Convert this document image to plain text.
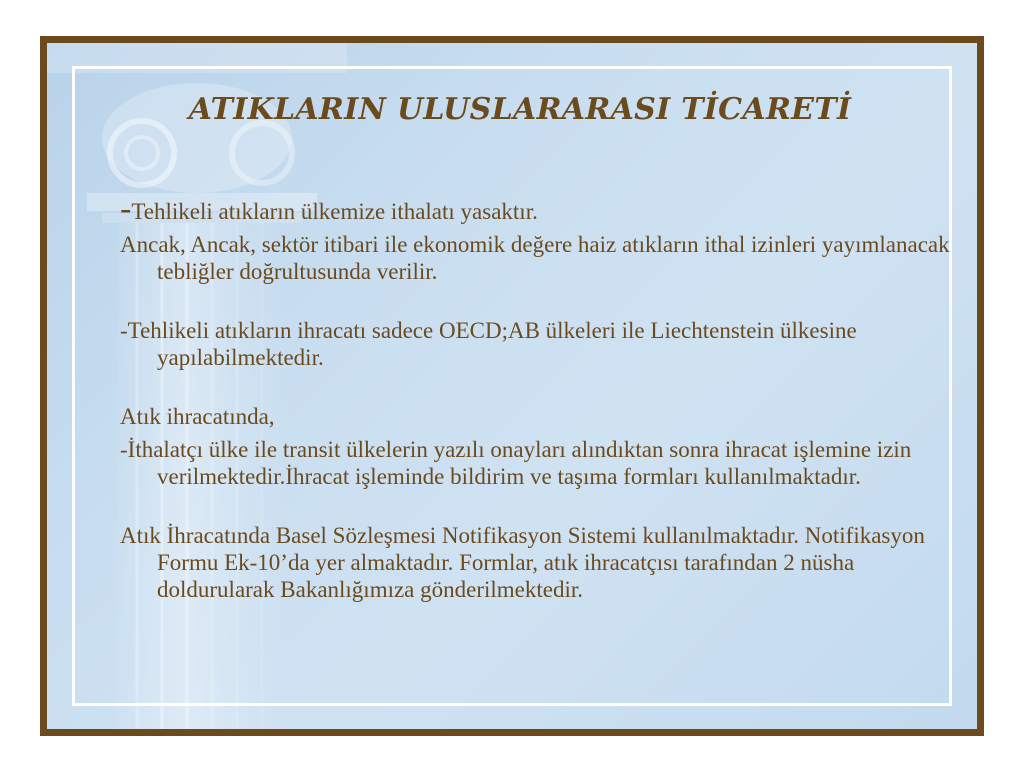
ATIKLARIN ULUSLARARASI TİCARETİ

-Tehlikeli atıkların ülkemize ithalatı yasaktır.

Ancak, Ancak, sektör itibari ile ekonomik değere haiz atıkların ithal izinleri yayımlanacak tebliğler doğrultusunda verilir.

-Tehlikeli atıkların ihracatı sadece OECD;AB ülkeleri ile Liechtenstein ülkesine yapılabilmektedir.

Atık ihracatında,

-İthalatçı ülke ile transit ülkelerin yazılı onayları alındıktan sonra ihracat işlemine izin verilmektedir.İhracat işleminde bildirim ve taşıma formları kullanılmaktadır.

Atık İhracatında Basel Sözleşmesi Notifikasyon Sistemi kullanılmaktadır. Notifikasyon Formu Ek-10’da yer almaktadır. Formlar, atık ihracatçısı tarafından 2 nüsha doldurularak Bakanlığımıza gönderilmektedir.
